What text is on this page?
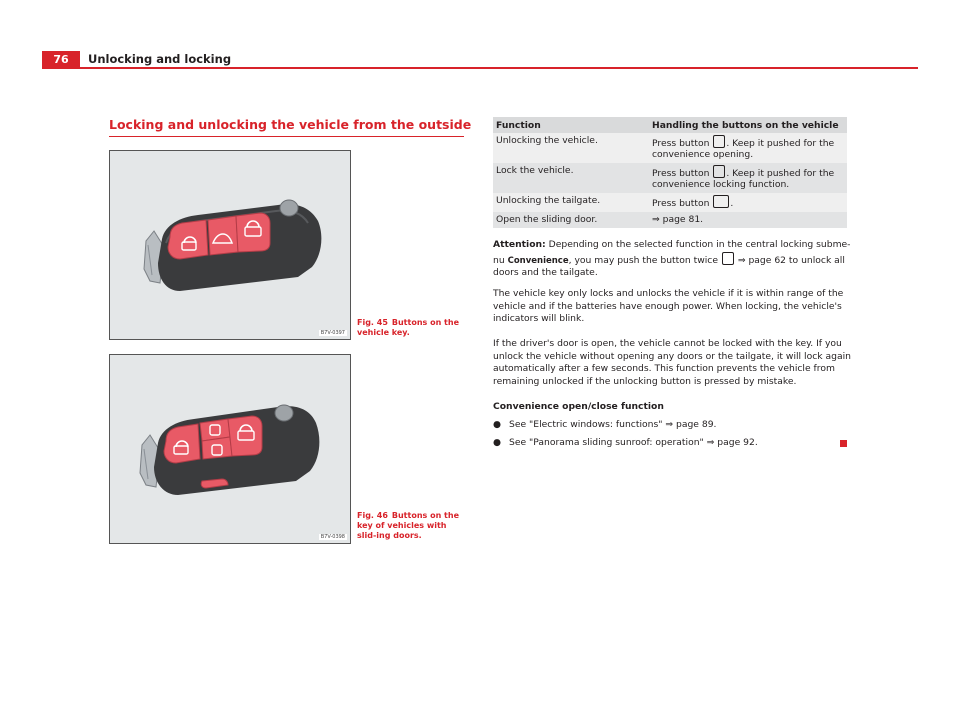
76	Unlocking and locking
Locking and unlocking the vehicle from the outside
B7V-0397
Fig. 45 Buttons on the vehicle key.
B7V-0398
Fig. 46 Buttons on the key of vehicles with slid-ing doors.
Function	Handling the buttons on the vehicle
Unlocking the vehicle.	Press button . Keep it pushed for the convenience opening.
Lock the vehicle.	Press button . Keep it pushed for the convenience locking function.
Unlocking the tailgate.	Press button .
Open the sliding door.	⇒ page 81.

Attention: Depending on the selected function in the central locking subme-nu Convenience, you may push the button twice ⇒ page 62 to unlock all doors and the tailgate.

The vehicle key only locks and unlocks the vehicle if it is within range of the vehicle and if the batteries have enough power. When locking, the vehicle's indicators will blink.

If the driver's door is open, the vehicle cannot be locked with the key. If you unlock the vehicle without opening any doors or the tailgate, it will lock again automatically after a few seconds. This function prevents the vehicle from remaining unlocked if the unlocking button is pressed by mistake.

Convenience open/close function
● See "Electric windows: functions" ⇒ page 89.
● See "Panorama sliding sunroof: operation" ⇒ page 92.
